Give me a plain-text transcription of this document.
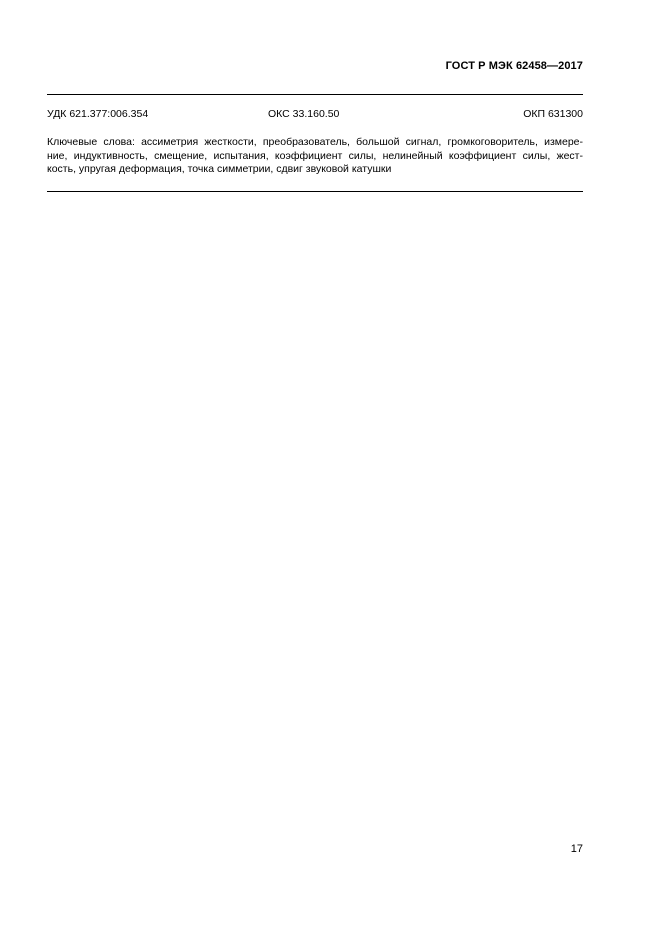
ГОСТ Р МЭК 62458—2017
УДК 621.377:006.354	ОКС 33.160.50	ОКП 631300
Ключевые слова: ассиметрия жесткости, преобразователь, большой сигнал, громкоговоритель, измере-
ние, индуктивность, смещение, испытания, коэффициент силы, нелинейный коэффициент силы, жест-
кость, упругая деформация, точка симметрии, сдвиг звуковой катушки
17
